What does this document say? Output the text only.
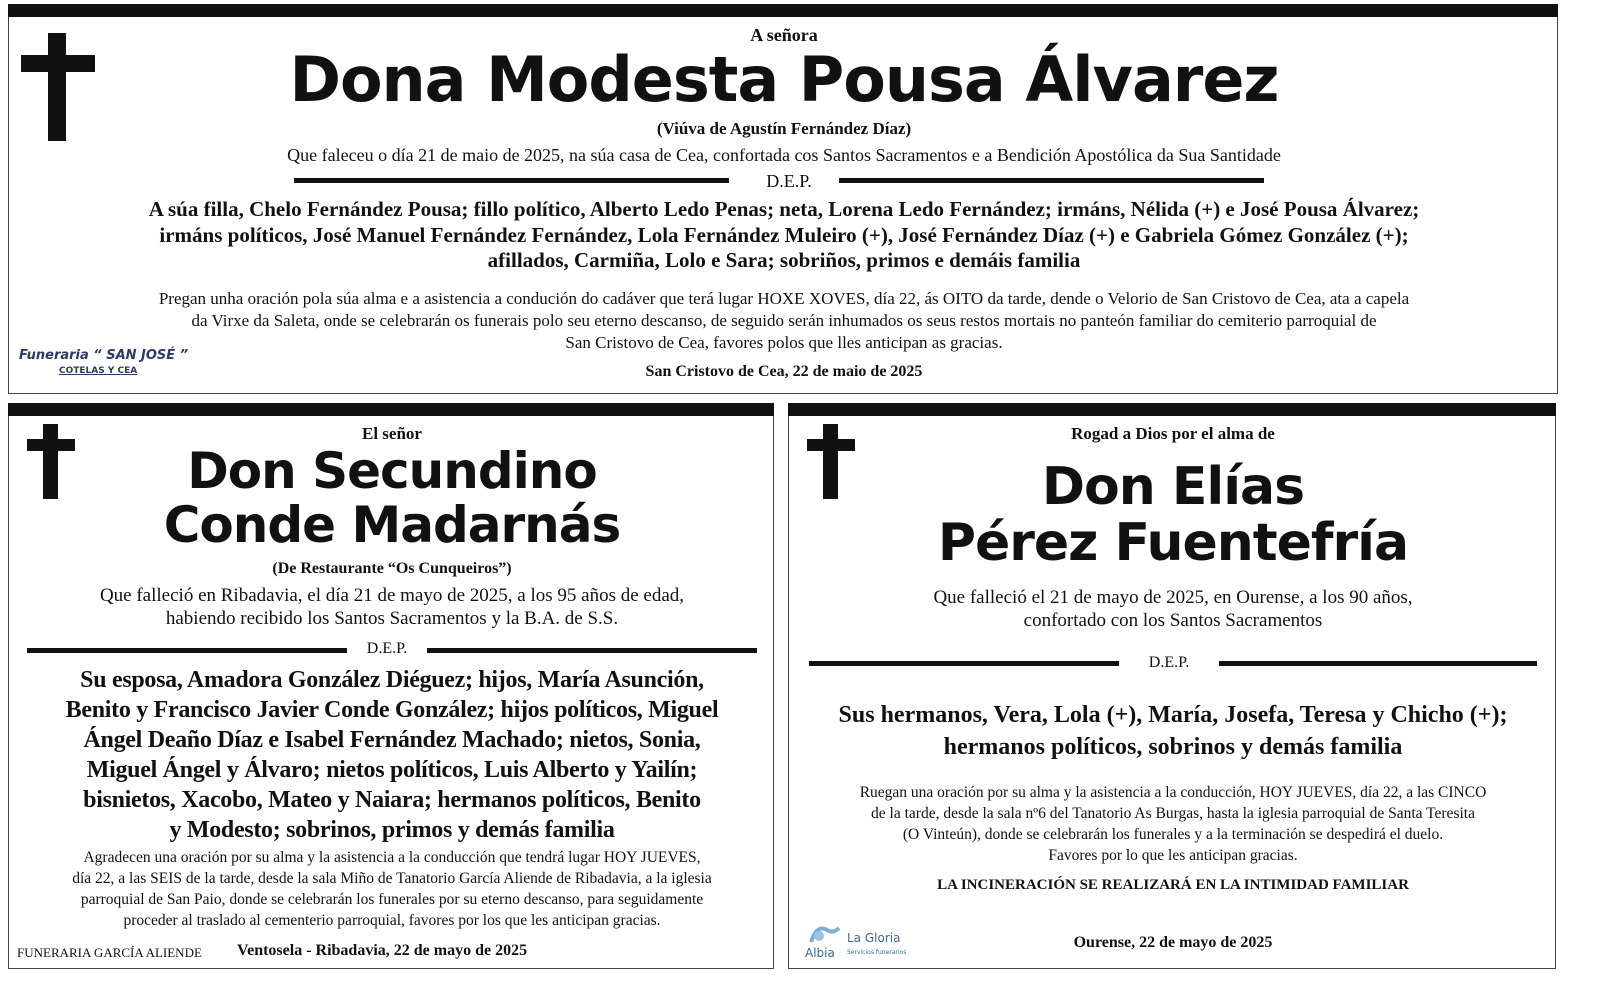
A señora
Dona Modesta Pousa Álvarez
(Viúva de Agustín Fernández Díaz)
Que faleceu o día 21 de maio de 2025, na súa casa de Cea, confortada cos Santos Sacramentos e a Bendición Apostólica da Sua Santidade
D.E.P.
A súa filla, Chelo Fernández Pousa; fillo político, Alberto Ledo Penas; neta, Lorena Ledo Fernández; irmáns, Nélida (+) e José Pousa Álvarez;
irmáns políticos, José Manuel Fernández Fernández, Lola Fernández Muleiro (+), José Fernández Díaz (+) e Gabriela Gómez González (+);
afillados, Carmiña, Lolo e Sara; sobriños, primos e demáis familia
Pregan unha oración pola súa alma e a asistencia a condución do cadáver que terá lugar HOXE XOVES, día 22, ás OITO da tarde, dende o Velorio de San Cristovo de Cea, ata a capela
da Virxe da Saleta, onde se celebrarán os funerais polo seu eterno descanso, de seguido serán inhumados os seus restos mortais no panteón familiar do cemiterio parroquial de
San Cristovo de Cea, favores polos que lles anticipan as gracias.
Funeraria “ SAN JOSÉ ”
COTELAS Y CEA	San Cristovo de Cea, 22 de maio de 2025
El señor
Don Secundino
Conde Madarnás
(De Restaurante “Os Cunqueiros”)
Que falleció en Ribadavia, el día 21 de mayo de 2025, a los 95 años de edad,
habiendo recibido los Santos Sacramentos y la B.A. de S.S.
D.E.P.
Su esposa, Amadora González Diéguez; hijos, María Asunción,
Benito y Francisco Javier Conde González; hijos políticos, Miguel
Ángel Deaño Díaz e Isabel Fernández Machado; nietos, Sonia,
Miguel Ángel y Álvaro; nietos políticos, Luis Alberto y Yailín;
bisnietos, Xacobo, Mateo y Naiara; hermanos políticos, Benito
y Modesto; sobrinos, primos y demás familia
Agradecen una oración por su alma y la asistencia a la conducción que tendrá lugar HOY JUEVES,
día 22, a las SEIS de la tarde, desde la sala Miño de Tanatorio García Aliende de Ribadavia, a la iglesia
parroquial de San Paio, donde se celebrarán los funerales por su eterno descanso, para seguidamente
proceder al traslado al cementerio parroquial, favores por los que les anticipan gracias.
FUNERARIA GARCÍA ALIENDE Ventosela - Ribadavia, 22 de mayo de 2025
Rogad a Dios por el alma de
Don Elías
Pérez Fuentefría
Que falleció el 21 de mayo de 2025, en Ourense, a los 90 años,
confortado con los Santos Sacramentos
D.E.P.
Sus hermanos, Vera, Lola (+), María, Josefa, Teresa y Chicho (+);
hermanos políticos, sobrinos y demás familia
Ruegan una oración por su alma y la asistencia a la conducción, HOY JUEVES, día 22, a las CINCO
de la tarde, desde la sala nº6 del Tanatorio As Burgas, hasta la iglesia parroquial de Santa Teresita
(O Vinteún), donde se celebrarán los funerales y a la terminación se despedirá el duelo.
Favores por lo que les anticipan gracias.
LA INCINERACIÓN SE REALIZARÁ EN LA INTIMIDAD FAMILIAR
Albia
La Gloria
Servicios funerarios
Ourense, 22 de mayo de 2025
